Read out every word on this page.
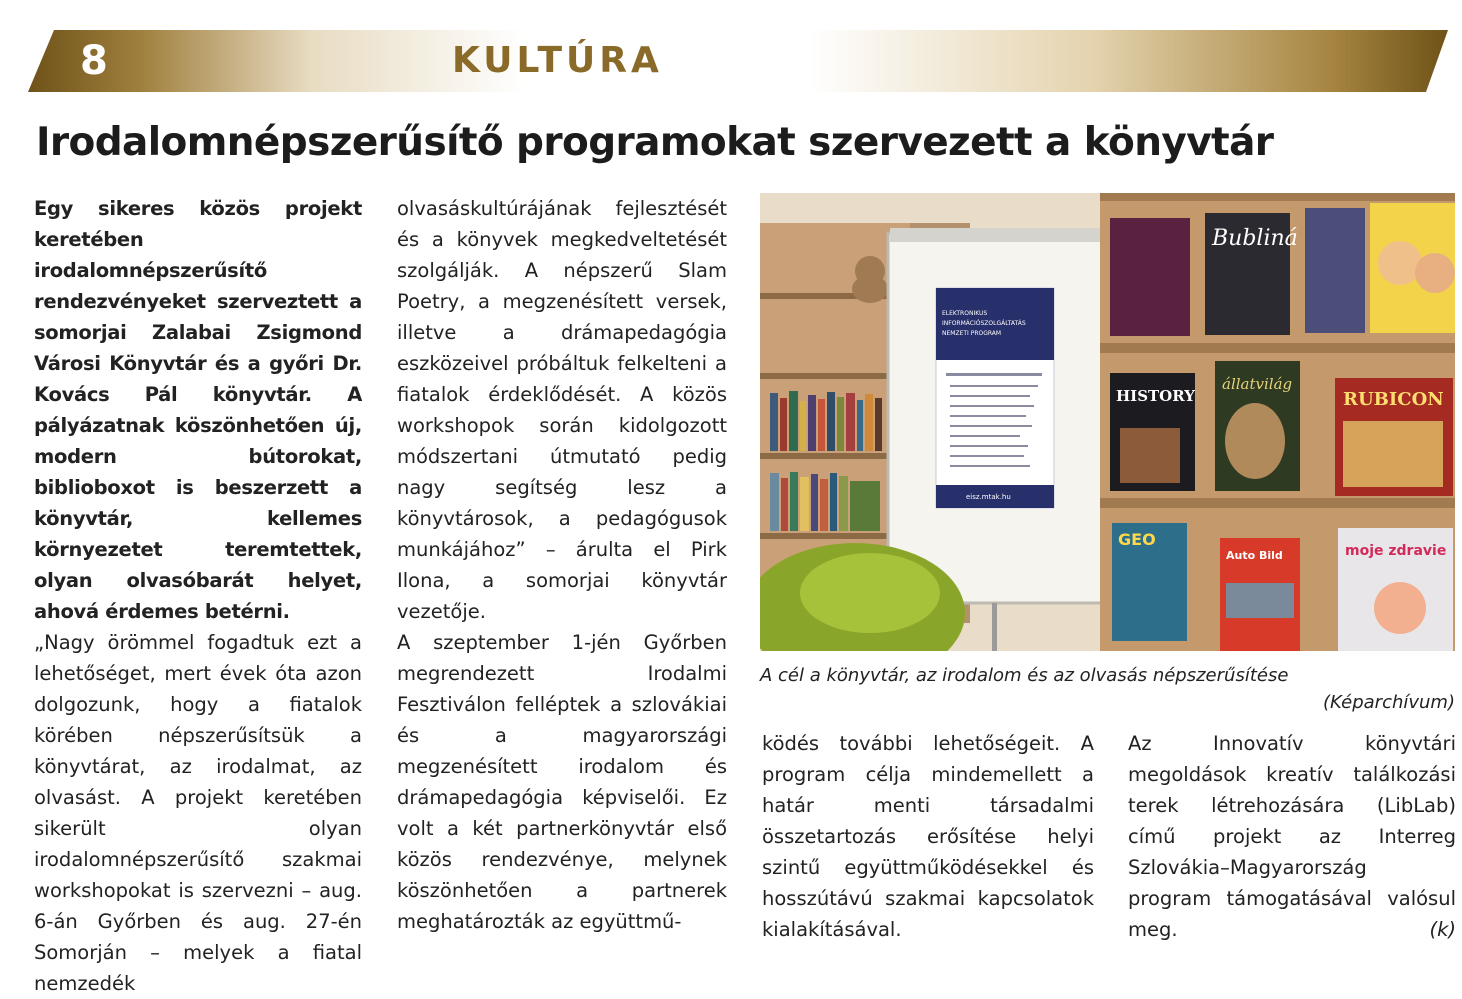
8	KULTÚRA
Irodalomnépszerűsítő programokat szervezett a könyvtár

Egy sikeres közös projekt keretében irodalomnépszerűsítő rendezvényeket szerveztett a somorjai Zalabai Zsigmond Városi Könyvtár és a győri Dr. Kovács Pál könyvtár. A pályázatnak köszönhetően új, modern bútorokat, biblioboxot is beszerzett a könyvtár, kellemes környezetet teremtettek, olyan olvasóbarát helyet, ahová érdemes betérni.

„Nagy örömmel fogadtuk ezt a lehetőséget, mert évek óta azon dolgozunk, hogy a fiatalok körében népszerűsítsük a könyvtárat, az irodalmat, az olvasást. A projekt keretében sikerült olyan irodalomnépszerűsítő szakmai workshopokat is szervezni – aug. 6-án Győrben és aug. 27-én Somorján – melyek a fiatal nemzedék

olvasáskultúrájának fejlesztését és a könyvek megkedveltetését szolgálják. A népszerű Slam Poetry, a megzenésített versek, illetve a drámapedagógia eszközeivel próbáltuk felkelteni a fiatalok érdeklődését. A közös workshopok során kidolgozott módszertani útmutató pedig nagy segítség lesz a könyvtárosok, a pedagógusok munkájához” – árulta el Pirk Ilona, a somorjai könyvtár vezetője.

A szeptember 1-jén Győrben megrendezett Irodalmi Fesztiválon felléptek a szlovákiai és a magyarországi megzenésített irodalom és drámapedagógia képviselői. Ez volt a két partnerkönyvtár első közös rendezvénye, melynek köszönhetően a partnerek meghatározták az együttmű-

ELEKTRONIKUS
INFORMÁCIÓSZOLGÁLTATÁS
NEMZETI PROGRAM
eisz.mtak.hu
Bubliná
HISTORY
állatvilág
RUBICON
GEO
Auto Bild	moje zdravie
A cél a könyvtár, az irodalom és az olvasás népszerűsítése
(Képarchívum)

ködés további lehetőségeit. A program célja mindemellett a határ menti társadalmi összetartozás erősítése helyi szintű együttműködésekkel és hosszútávú szakmai kapcsolatok kialakításával.

Az Innovatív könyvtári megoldások kreatív találkozási terek létrehozására (LibLab) című projekt az Interreg Szlovákia–Magyarország program támogatásával valósul meg.	(k)
